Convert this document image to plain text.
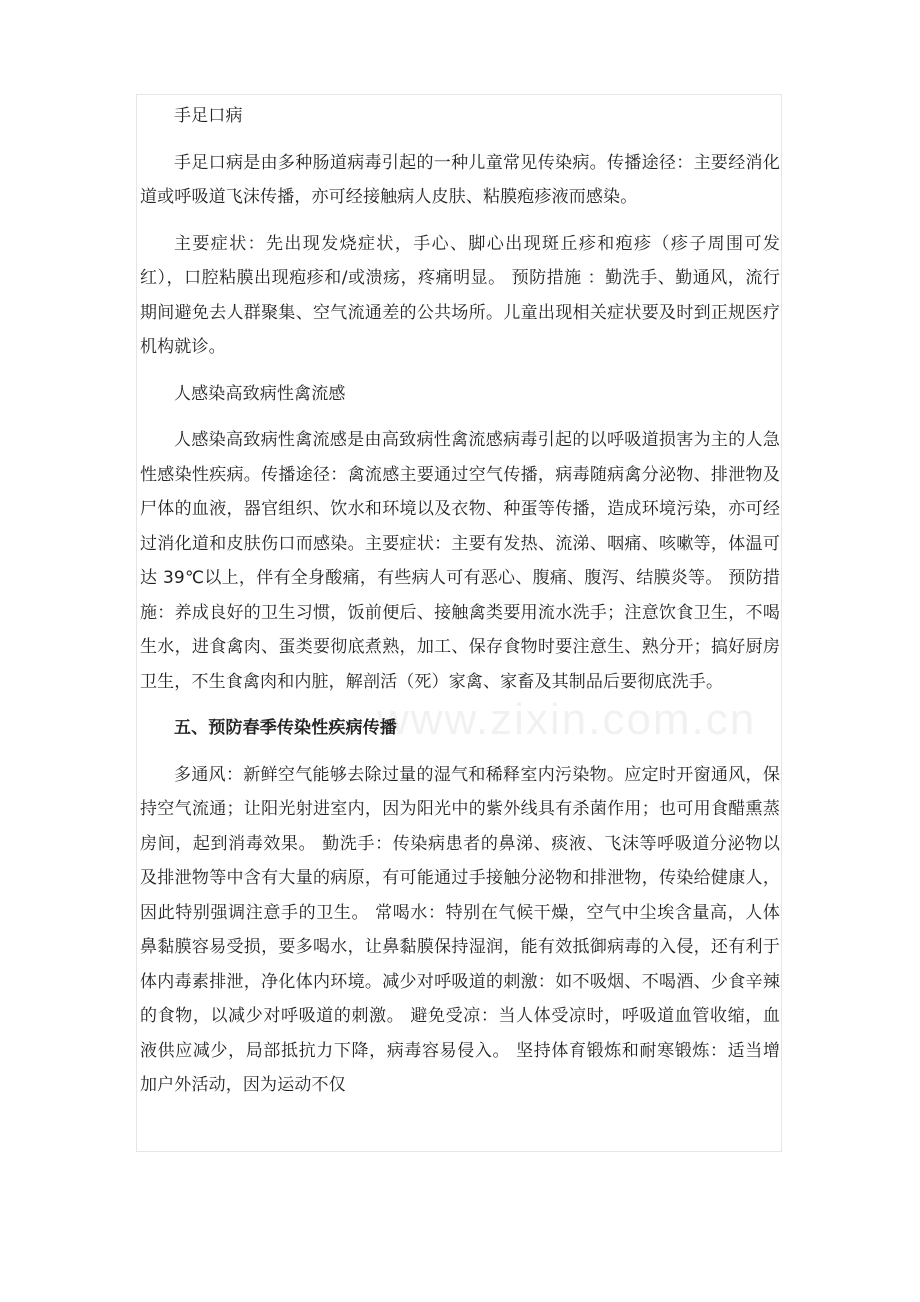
手足口病

手足口病是由多种肠道病毒引起的一种儿童常见传染病。传播途径：主要经消化道或呼吸道飞沫传播，亦可经接触病人皮肤、粘膜疱疹液而感染。

主要症状：先出现发烧症状，手心、脚心出现斑丘疹和疱疹（疹子周围可发红），口腔粘膜出现疱疹和/或溃疡，疼痛明显。 预防措施 ：勤洗手、勤通风，流行期间避免去人群聚集、空气流通差的公共场所。儿童出现相关症状要及时到正规医疗机构就诊。

人感染高致病性禽流感

人感染高致病性禽流感是由高致病性禽流感病毒引起的以呼吸道损害为主的人急性感染性疾病。传播途径：禽流感主要通过空气传播，病毒随病禽分泌物、排泄物及尸体的血液，器官组织、饮水和环境以及衣物、种蛋等传播，造成环境污染，亦可经过消化道和皮肤伤口而感染。主要症状：主要有发热、流涕、咽痛、咳嗽等，体温可达 39℃以上，伴有全身酸痛，有些病人可有恶心、腹痛、腹泻、结膜炎等。 预防措施：养成良好的卫生习惯，饭前便后、接触禽类要用流水洗手；注意饮食卫生，不喝生水，进食禽肉、蛋类要彻底煮熟，加工、保存食物时要注意生、熟分开；搞好厨房卫生，不生食禽肉和内脏，解剖活（死）家禽、家畜及其制品后要彻底洗手。

五、预防春季传染性疾病传播

多通风：新鲜空气能够去除过量的湿气和稀释室内污染物。应定时开窗通风，保持空气流通；让阳光射进室内，因为阳光中的紫外线具有杀菌作用；也可用食醋熏蒸房间，起到消毒效果。 勤洗手：传染病患者的鼻涕、痰液、飞沫等呼吸道分泌物以及排泄物等中含有大量的病原，有可能通过手接触分泌物和排泄物，传染给健康人，因此特别强调注意手的卫生。 常喝水：特别在气候干燥，空气中尘埃含量高，人体鼻黏膜容易受损，要多喝水，让鼻黏膜保持湿润，能有效抵御病毒的入侵，还有利于体内毒素排泄，净化体内环境。减少对呼吸道的刺激：如不吸烟、不喝酒、少食辛辣的食物，以减少对呼吸道的刺激。 避免受凉：当人体受凉时，呼吸道血管收缩，血液供应减少，局部抵抗力下降，病毒容易侵入。 坚持体育锻炼和耐寒锻炼：适当增加户外活动，因为运动不仅

www.zixin.com.cn
